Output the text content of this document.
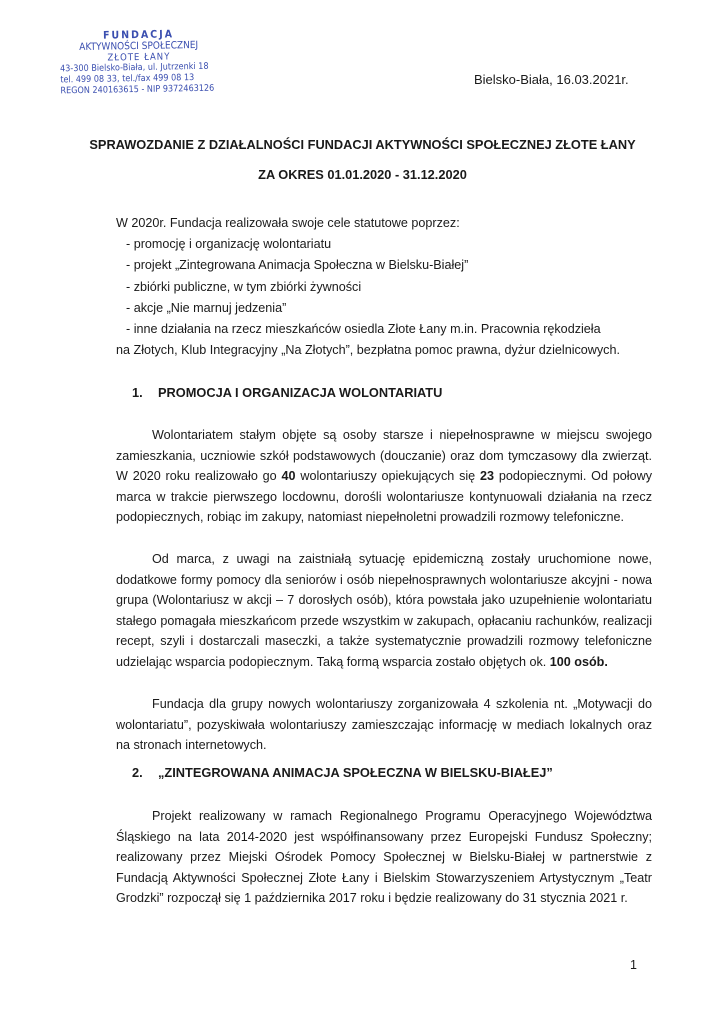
FUNDACJA
AKTYWNOŚCI SPOŁECZNEJ
ZŁOTE ŁANY
43-300 Bielsko-Biała, ul. Jutrzenki 18
tel. 499 08 33, tel./fax 499 08 13
REGON 240163615 - NIP 9372463126
Bielsko-Biała, 16.03.2021r.
SPRAWOZDANIE Z DZIAŁALNOŚCI FUNDACJI AKTYWNOŚCI SPOŁECZNEJ ZŁOTE ŁANY
ZA OKRES 01.01.2020 - 31.12.2020
W 2020r. Fundacja realizowała swoje cele statutowe poprzez:
- promocję i organizację wolontariatu
- projekt „Zintegrowana Animacja Społeczna w Bielsku-Białej”
- zbiórki publiczne, w tym zbiórki żywności
- akcje „Nie marnuj jedzenia”
- inne działania na rzecz mieszkańców osiedla Złote Łany m.in. Pracownia rękodzieła
na Złotych, Klub Integracyjny „Na Złotych”, bezpłatna pomoc prawna, dyżur dzielnicowych.
1. PROMOCJA I ORGANIZACJA WOLONTARIATU

Wolontariatem stałym objęte są osoby starsze i niepełnosprawne w miejscu swojego zamieszkania, uczniowie szkół podstawowych (douczanie) oraz dom tymczasowy dla zwierząt. W 2020 roku realizowało go 40 wolontariuszy opiekujących się 23 podopiecznymi. Od połowy marca w trakcie pierwszego locdownu, dorośli wolontariusze kontynuowali działania na rzecz podopiecznych, robiąc im zakupy, natomiast niepełnoletni prowadzili rozmowy telefoniczne.

Od marca, z uwagi na zaistniałą sytuację epidemiczną zostały uruchomione nowe, dodatkowe formy pomocy dla seniorów i osób niepełnosprawnych wolontariusze akcyjni - nowa grupa (Wolontariusz w akcji – 7 dorosłych osób), która powstała jako uzupełnienie wolontariatu stałego pomagała mieszkańcom przede wszystkim w zakupach, opłacaniu rachunków, realizacji recept, szyli i dostarczali maseczki, a także systematycznie prowadzili rozmowy telefoniczne udzielając wsparcia podopiecznym. Taką formą wsparcia zostało objętych ok. 100 osób.

Fundacja dla grupy nowych wolontariuszy zorganizowała 4 szkolenia nt. „Motywacji do wolontariatu”, pozyskiwała wolontariuszy zamieszczając informację w mediach lokalnych oraz na stronach internetowych.

2. „ZINTEGROWANA ANIMACJA SPOŁECZNA W BIELSKU-BIAŁEJ”

Projekt realizowany w ramach Regionalnego Programu Operacyjnego Województwa Śląskiego na lata 2014-2020 jest współfinansowany przez Europejski Fundusz Społeczny; realizowany przez Miejski Ośrodek Pomocy Społecznej w Bielsku-Białej w partnerstwie z Fundacją Aktywności Społecznej Złote Łany i Bielskim Stowarzyszeniem Artystycznym „Teatr Grodzki” rozpoczął się 1 października 2017 roku i będzie realizowany do 31 stycznia 2021 r.

1
